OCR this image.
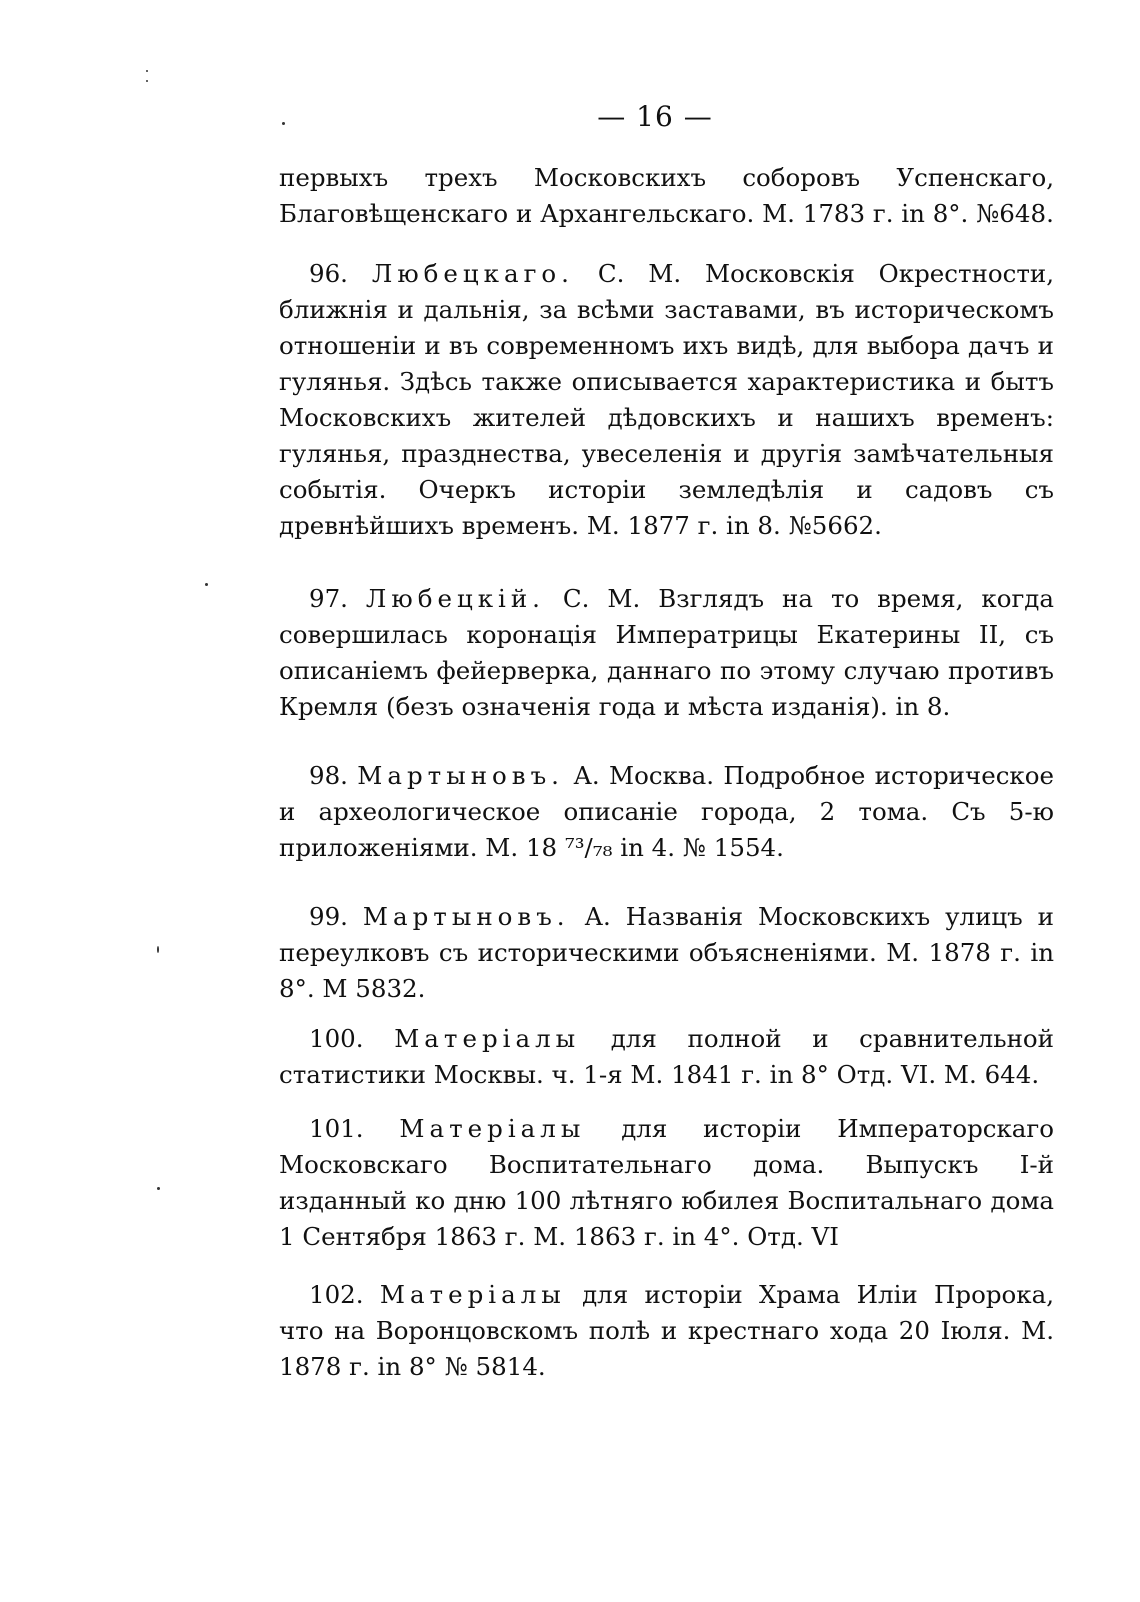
— 16 —
первыхъ трехъ Московскихъ соборовъ Успенскаго, Благовѣщенскаго и Архангельскаго. М. 1783 г. in 8°. №648.
96. Любецкаго. С. М. Московскія Окрестности, ближнія и дальнія, за всѣми заставами, въ историческомъ отношеніи и въ современномъ ихъ видѣ, для выбора дачъ и гулянья. Здѣсь также описывается характеристика и бытъ Московскихъ жителей дѣдовскихъ и нашихъ временъ: гулянья, празднества, увеселенія и другія замѣчательныя событія. Очеркъ исторіи земледѣлія и садовъ съ древнѣйшихъ временъ. М. 1877 г. in 8. №5662.
97. Любецкій. С. М. Взглядъ на то время, когда совершилась коронація Императрицы Екатерины II, съ описаніемъ фейерверка, даннаго по этому случаю противъ Кремля (безъ означенія года и мѣста изданія). in 8.
98. Мартыновъ. А. Москва. Подробное историческое и археологическое описаніе города, 2 тома. Съ 5-ю приложеніями. М. 18 ⁷³/₇₈ in 4. № 1554.
99. Мартыновъ. А. Названія Московскихъ улицъ и переулковъ съ историческими объясненіями. М. 1878 г. in 8°. М 5832.
100. Матеріалы для полной и сравнительной статистики Москвы. ч. 1-я М. 1841 г. in 8° Отд. VI. М. 644.
101. Матеріалы для исторіи Императорскаго Московскаго Воспитательнаго дома. Выпускъ I-й изданный ко дню 100 лѣтняго юбилея Воспитальнаго дома 1 Сентября 1863 г. М. 1863 г. in 4°. Отд. VI
102. Матеріалы для исторіи Храма Иліи Пророка, что на Воронцовскомъ полѣ и крестнаго хода 20 Іюля. М. 1878 г. in 8° № 5814.
